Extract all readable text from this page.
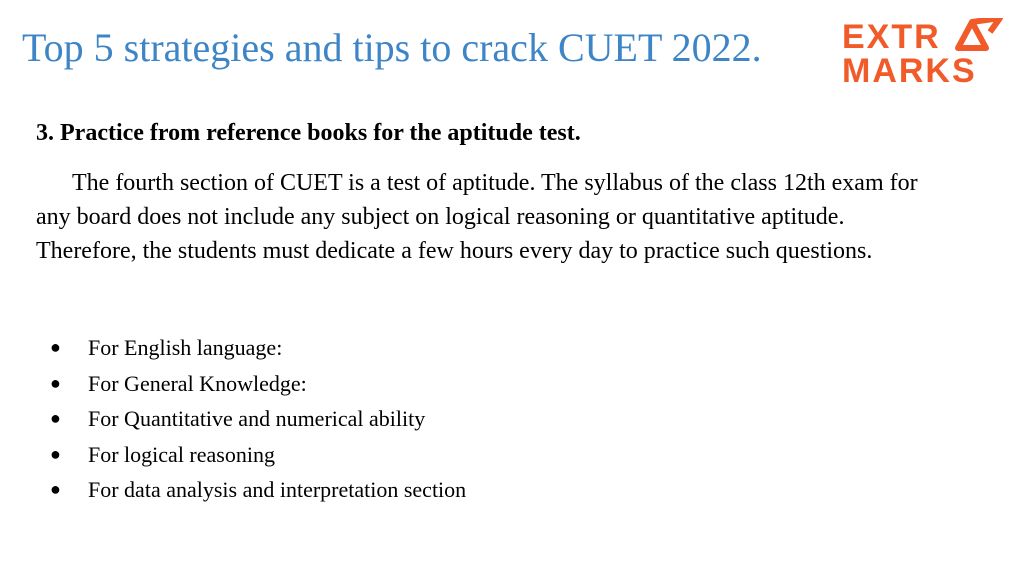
Top 5 strategies and tips to crack CUET 2022. EXTR
MARKS
3. Practice from reference books for the aptitude test.

The fourth section of CUET is a test of aptitude. The syllabus of the class 12th exam for any board does not include any subject on logical reasoning or quantitative aptitude. Therefore, the students must dedicate a few hours every day to practice such questions.

● For English language:
● For General Knowledge:
● For Quantitative and numerical ability
● For logical reasoning
● For data analysis and interpretation section
